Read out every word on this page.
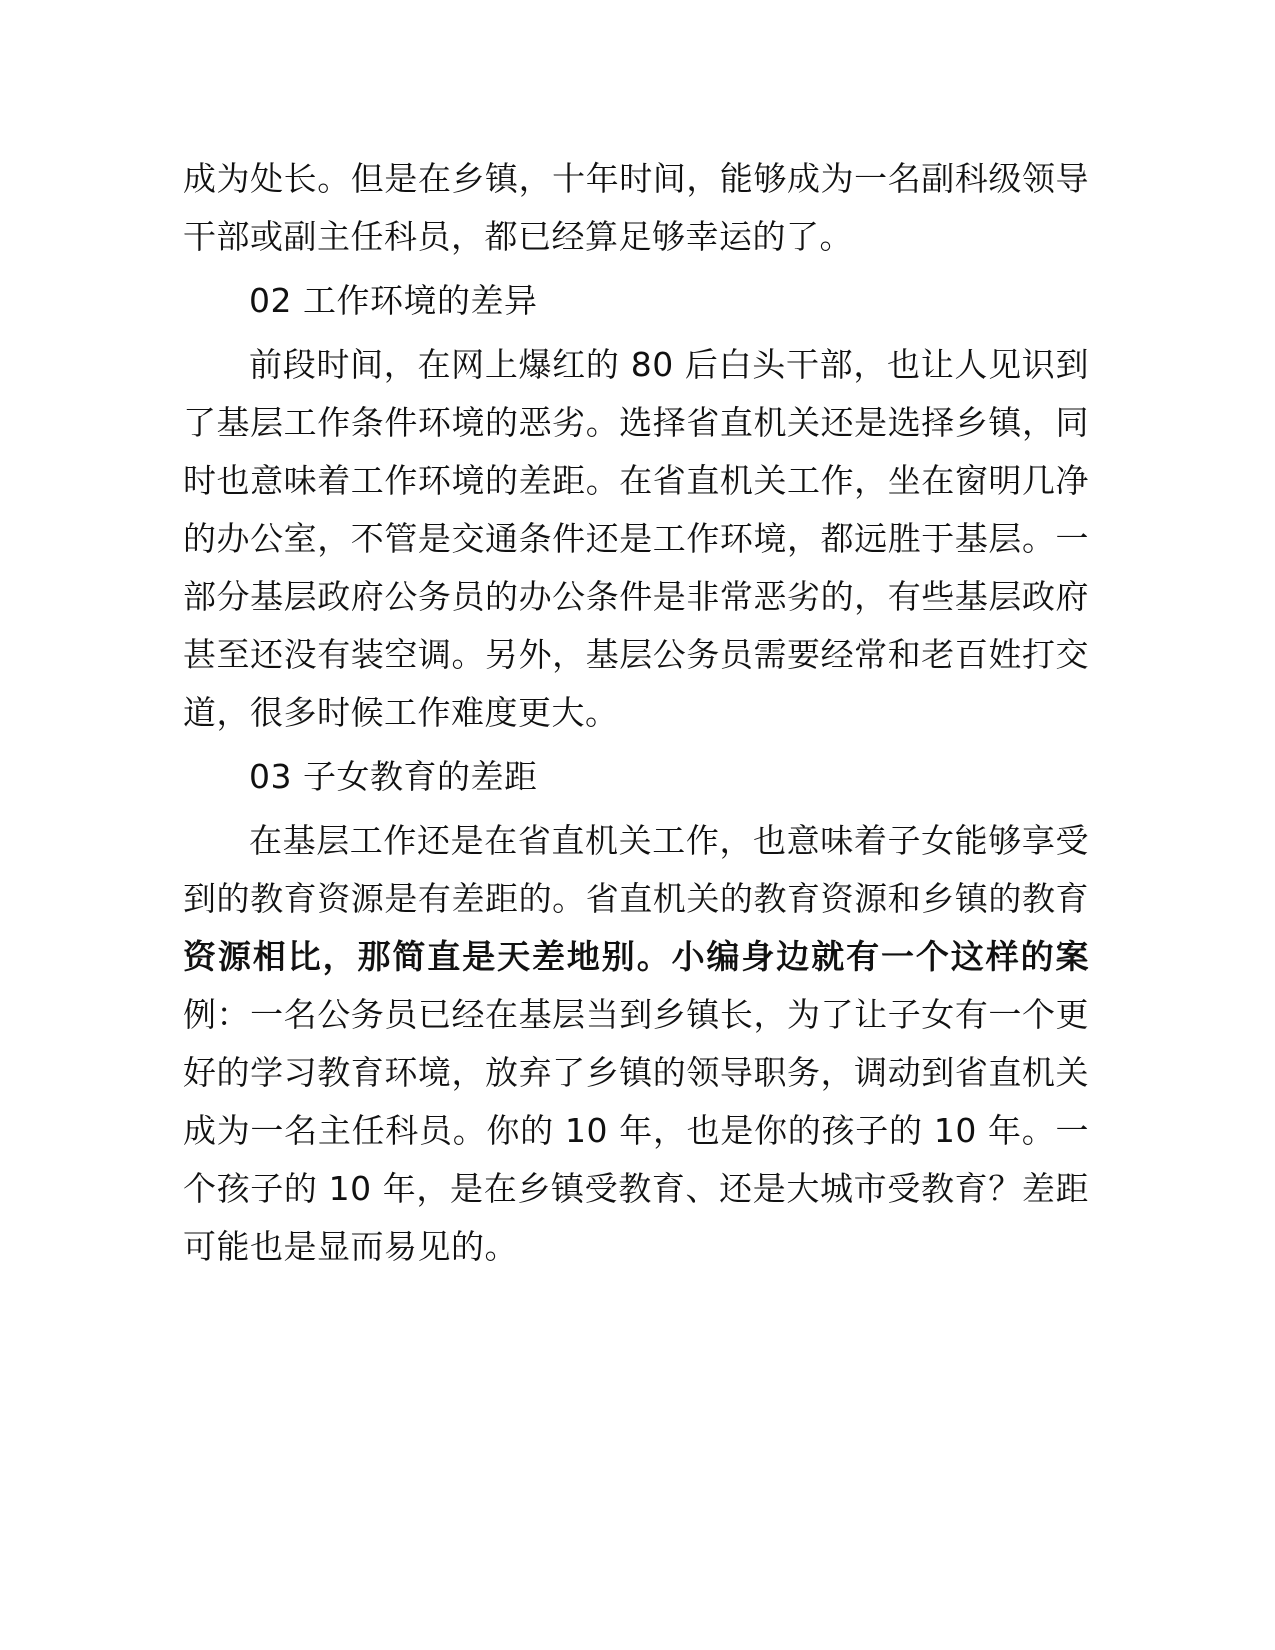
成为处长。但是在乡镇，十年时间，能够成为一名副科级领导干部或副主任科员，都已经算足够幸运的了。

02 工作环境的差异

前段时间，在网上爆红的 80 后白头干部，也让人见识到了基层工作条件环境的恶劣。选择省直机关还是选择乡镇，同时也意味着工作环境的差距。在省直机关工作，坐在窗明几净的办公室，不管是交通条件还是工作环境，都远胜于基层。一部分基层政府公务员的办公条件是非常恶劣的，有些基层政府甚至还没有装空调。另外，基层公务员需要经常和老百姓打交道，很多时候工作难度更大。

03 子女教育的差距

在基层工作还是在省直机关工作，也意味着子女能够享受到的教育资源是有差距的。省直机关的教育资源和乡镇的教育资源相比，那简直是天差地别。小编身边就有一个这样的案例：一名公务员已经在基层当到乡镇长，为了让子女有一个更好的学习教育环境，放弃了乡镇的领导职务，调动到省直机关成为一名主任科员。你的 10 年，也是你的孩子的 10 年。一个孩子的 10 年，是在乡镇受教育、还是大城市受教育？差距可能也是显而易见的。
